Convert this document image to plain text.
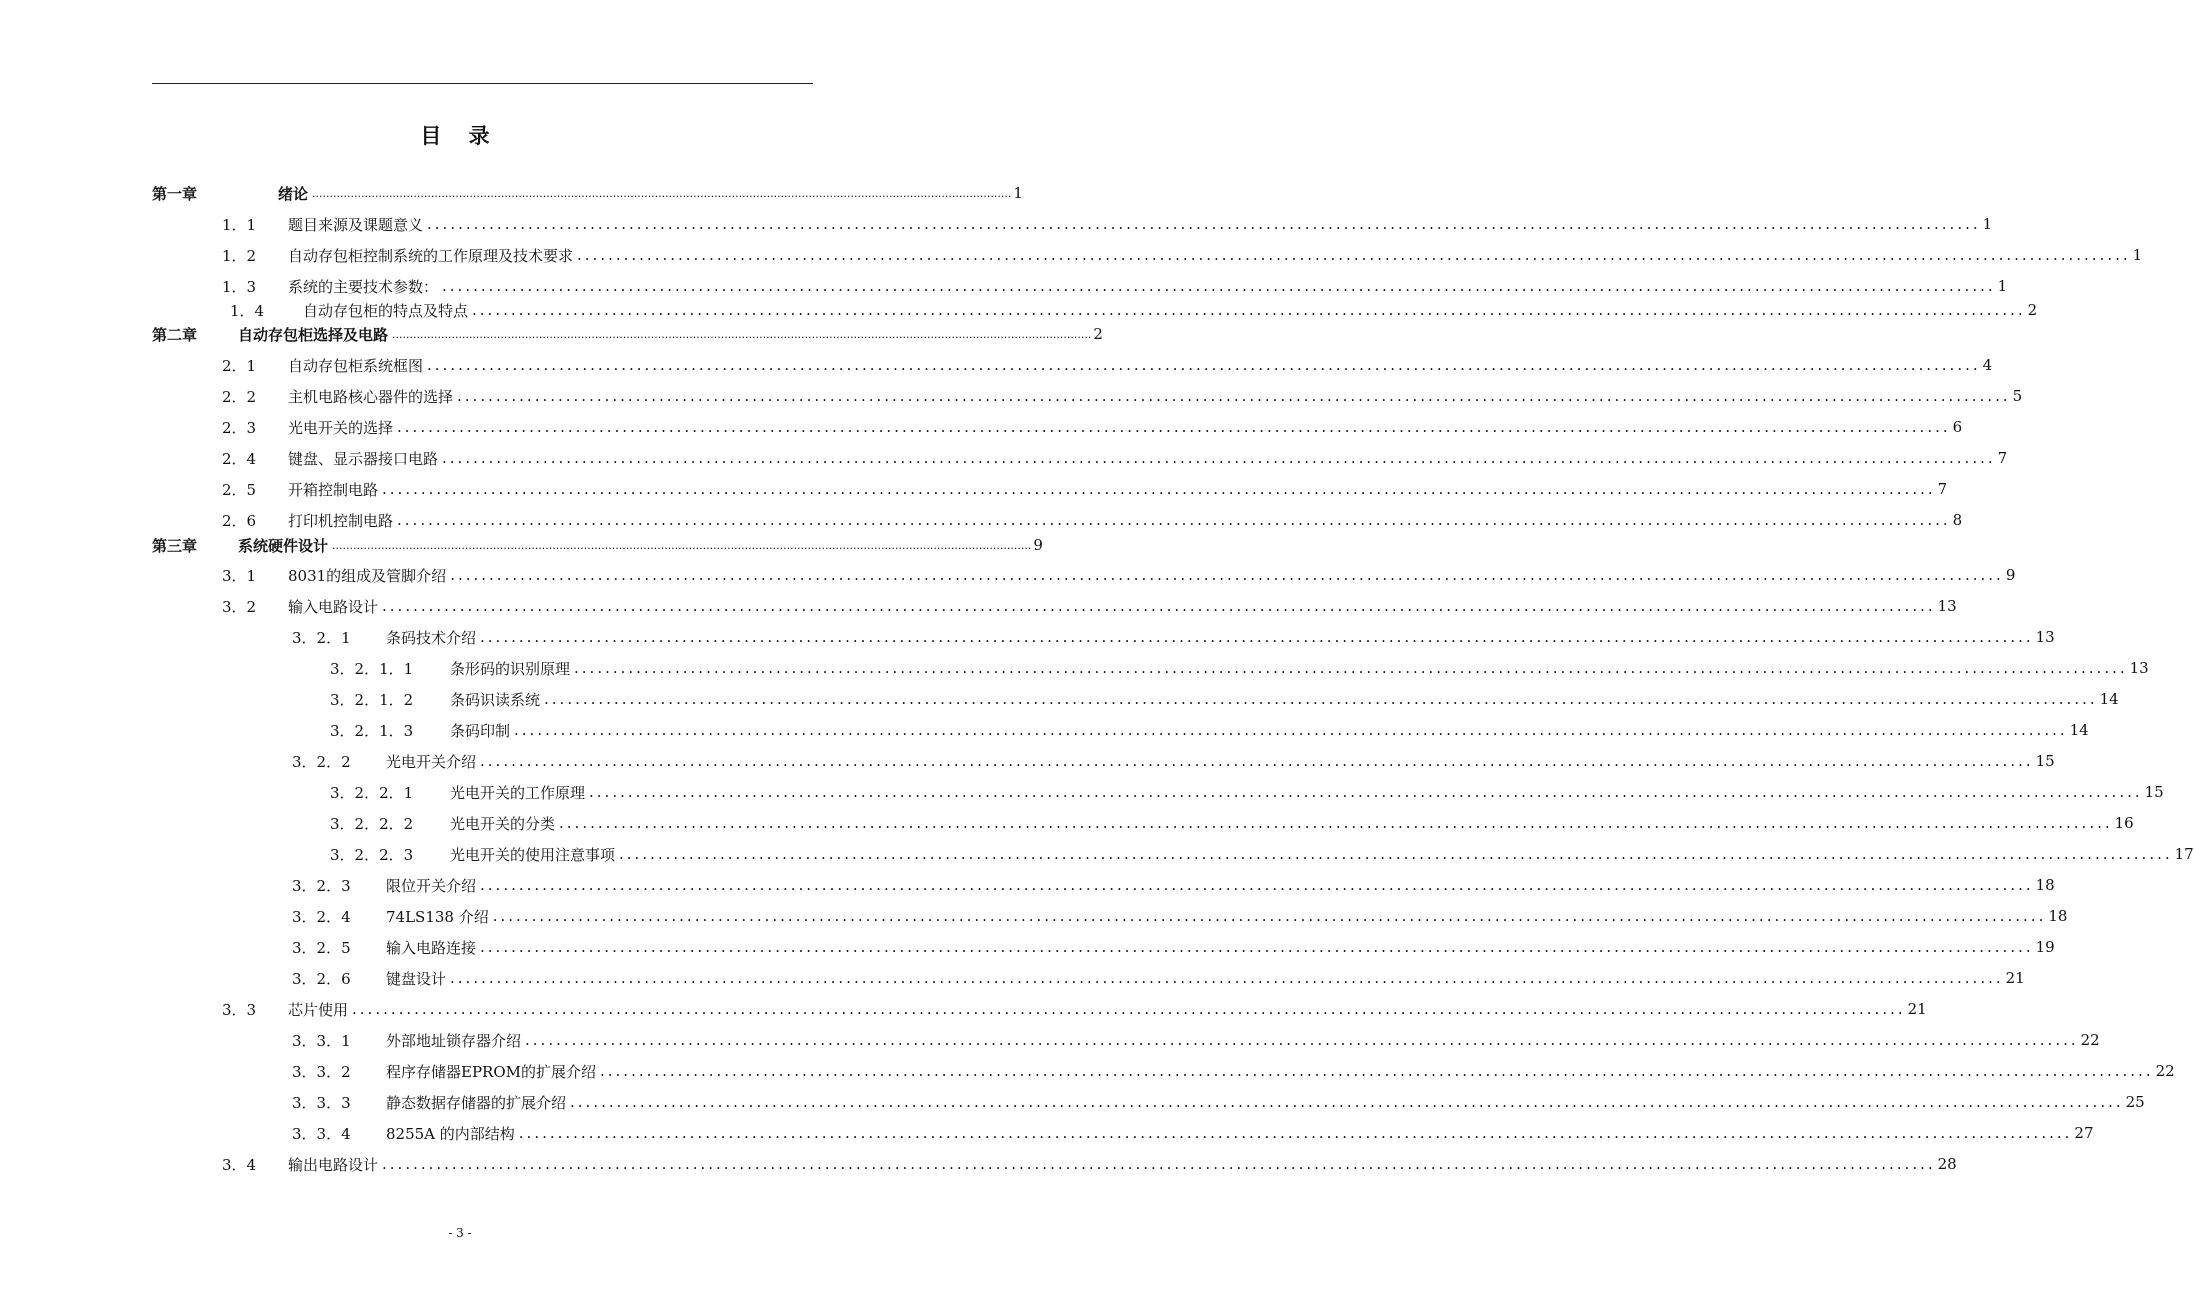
目 录
第一章	绪论 ........................................................................................................................................................................................................ 1
1．1	题目来源及课题意义 ........................................................................................................................................................................................................ 1
1．2	自动存包柜控制系统的工作原理及技术要求 ........................................................................................................................................................................................................ 1
1．3	系统的主要技术参数： ........................................................................................................................................................................................................ 1
1．4	自动存包柜的特点及特点 ........................................................................................................................................................................................................ 2
第二章	自动存包柜选择及电路 ........................................................................................................................................................................................................ 2
2．1	自动存包柜系统框图 ........................................................................................................................................................................................................ 4
2．2	主机电路核心器件的选择 ........................................................................................................................................................................................................ 5
2．3	光电开关的选择 ........................................................................................................................................................................................................ 6
2．4	键盘、显示器接口电路 ........................................................................................................................................................................................................ 7
2．5	开箱控制电路 ........................................................................................................................................................................................................ 7
2．6	打印机控制电路 ........................................................................................................................................................................................................ 8
第三章	系统硬件设计 ........................................................................................................................................................................................................ 9
3．1	8031的组成及管脚介绍 ........................................................................................................................................................................................................ 9
3．2	输入电路设计 ........................................................................................................................................................................................................ 13
3．2．1	条码技术介绍 ........................................................................................................................................................................................................ 13
3．2．1．1	条形码的识别原理 ........................................................................................................................................................................................................ 13
3．2．1．2	条码识读系统 ........................................................................................................................................................................................................ 14
3．2．1．3	条码印制 ........................................................................................................................................................................................................ 14
3．2．2	光电开关介绍 ........................................................................................................................................................................................................ 15
3．2．2．1	光电开关的工作原理 ........................................................................................................................................................................................................ 15
3．2．2．2	光电开关的分类 ........................................................................................................................................................................................................ 16
3．2．2．3	光电开关的使用注意事项 ........................................................................................................................................................................................................ 17
3．2．3	限位开关介绍 ........................................................................................................................................................................................................ 18
3．2．4	74LS138 介绍 ........................................................................................................................................................................................................ 18
3．2．5	输入电路连接 ........................................................................................................................................................................................................ 19
3．2．6	键盘设计 ........................................................................................................................................................................................................ 21
3．3	芯片使用 ........................................................................................................................................................................................................ 21
3．3．1	外部地址锁存器介绍 ........................................................................................................................................................................................................ 22
3．3．2	程序存储器EPROM的扩展介绍 ........................................................................................................................................................................................................ 22
3．3．3	静态数据存储器的扩展介绍 ........................................................................................................................................................................................................ 25
3．3．4	8255A 的内部结构 ........................................................................................................................................................................................................ 27
3．4	输出电路设计 ........................................................................................................................................................................................................ 28
- 3 -
